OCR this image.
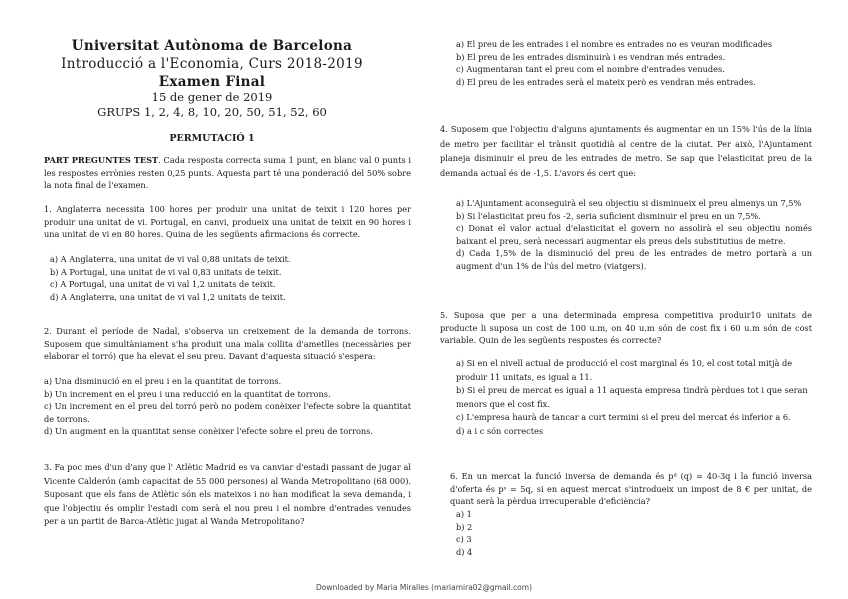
Universitat Autònoma de Barcelona
Introducció a l'Economia, Curs 2018-2019
Examen Final
15 de gener de 2019
GRUPS 1, 2, 4, 8, 10, 20, 50, 51, 52, 60
PERMUTACIÓ 1

PART PREGUNTES TEST. Cada resposta correcta suma 1 punt, en blanc val 0 punts i les respostes errònies resten 0,25 punts. Aquesta part té una ponderació del 50% sobre la nota final de l'examen.

1. Anglaterra necessita 100 hores per produir una unitat de teixit i 120 hores per produir una unitat de vi. Portugal, en canvi, produeix una unitat de teixit en 90 hores i una unitat de vi en 80 hores. Quina de les següents afirmacions és correcte.

a) A Anglaterra, una unitat de vi val 0,88 unitats de teixit.
b) A Portugal, una unitat de vi val 0,83 unitats de teixit.
c) A Portugal, una unitat de vi val 1,2 unitats de teixit.
d) A Anglaterra, una unitat de vi val 1,2 unitats de teixit.

2. Durant el període de Nadal, s'observa un creixement de la demanda de torrons. Suposem que simultàniament s'ha produit una mala collita d'ametlles (necessàries per elaborar el torró) que ha elevat el seu preu. Davant d'aquesta situació s'espera:

a) Una disminució en el preu i en la quantitat de torrons.
b) Un increment en el preu i una reducció en la quantitat de torrons.
c) Un increment en el preu del torró però no podem conèixer l'efecte sobre la quantitat de torrons.
d) Un augment en la quantitat sense conèixer l'efecte sobre el preu de torrons.

3. Fa poc mes d'un d'any que l' Atlètic Madrid es va canviar d'estadi passant de jugar al Vicente Calderón (amb capacitat de 55 000 persones) al Wanda Metropolitano (68 000). Suposant que els fans de Atlètic són els mateixos i no han modificat la seva demanda, i que l'objectiu és omplir l'estadi com serà el nou preu i el nombre d'entrades venudes per a un partit de Barca-Atlètic jugat al Wanda Metropolitano?

a) El preu de les entrades i el nombre es entrades no es veuran modificades
b) El preu de les entrades disminuirà i es vendran més entrades.
c) Augmentaran tant el preu com el nombre d'entrades venudes.
d) El preu de les entrades serà el mateix però es vendran més entrades.

4. Suposem que l'objectiu d'alguns ajuntaments és augmentar en un 15% l'ús de la línia de metro per facilitar el trànsit quotidià al centre de la ciutat. Per això, l'Ajuntament planeja disminuir el preu de les entrades de metro. Se sap que l'elasticitat preu de la demanda actual és de -1,5. L'avors és cert que:

a) L'Ajuntament aconseguirà el seu objectiu si disminueix el preu almenys un 7,5%
b) Si l'elasticitat preu fos -2, seria suficient disminuir el preu en un 7,5%.
c) Donat el valor actual d'elasticitat el govern no assolirà el seu objectiu només baixant el preu, serà necessari augmentar els preus dels substitutius de metre.
d) Cada 1,5% de la disminució del preu de les entrades de metro portarà a un augment d'un 1% de l'ús del metro (viatgers).

5. Suposa que per a una determinada empresa competitiva produir10 unitats de producte li suposa un cost de 100 u.m, on 40 u.m són de cost fix i 60 u.m són de cost variable. Quin de les següents respostes és correcte?

a) Si en el nivell actual de producció el cost marginal és 10, el cost total mitjà de produir 11 unitats, es igual a 11.
b) Si el preu de mercat es igual a 11 aquesta empresa tindrà pèrdues tot i que seran menors que el cost fix.
c) L'empresa haurà de tancar a curt termini si el preu del mercat és inferior a 6.
d) a i c són correctes

6. En un mercat la funció inversa de demanda és pᵈ (q) = 40-3q i la funció inversa d'oferta és pˢ = 5q, si en aquest mercat s'introdueix un impost de 8 € per unitat, de quant serà la pèrdua irrecuperable d'eficiència?

a) 1
b) 2
c) 3
d) 4
Downloaded by Maria Miralles (mariamira02@gmail.com)
